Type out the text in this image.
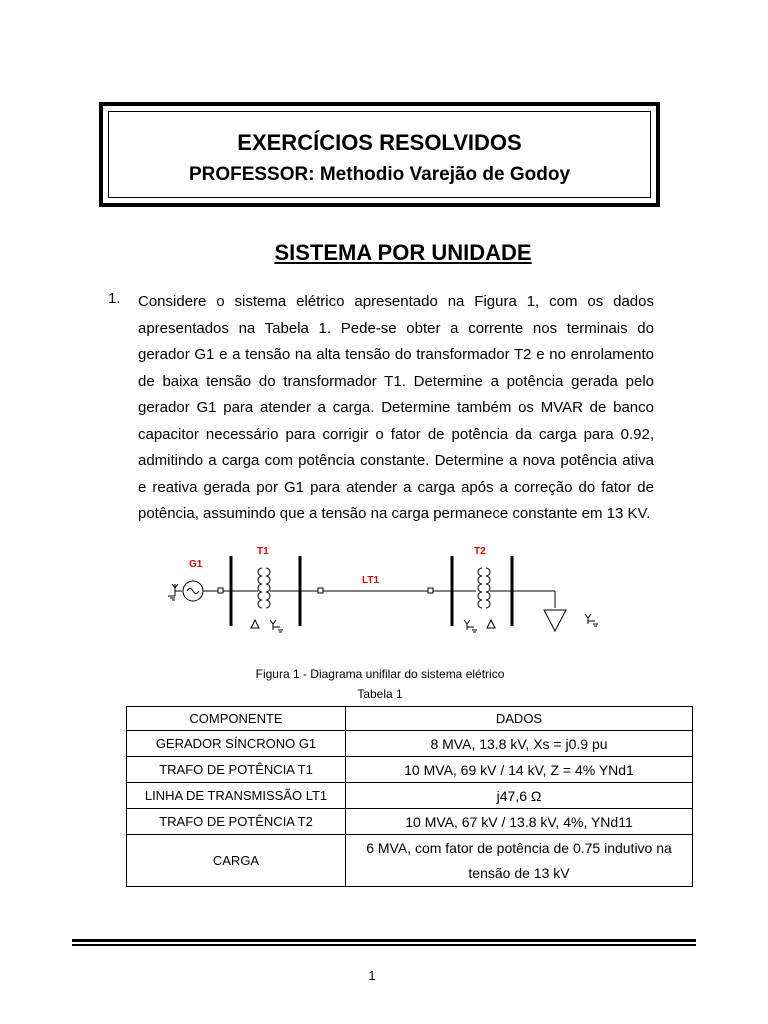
EXERCÍCIOS RESOLVIDOS
PROFESSOR: Methodio Varejão de Godoy
SISTEMA POR UNIDADE
1. Considere o sistema elétrico apresentado na Figura 1, com os dados apresentados na Tabela 1. Pede-se obter a corrente nos terminais do gerador G1 e a tensão na alta tensão do transformador T2 e no enrolamento de baixa tensão do transformador T1. Determine a potência gerada pelo gerador G1 para atender a carga. Determine também os MVAR de banco capacitor necessário para corrigir o fator de potência da carga para 0.92, admitindo a carga com potência constante. Determine a nova potência ativa e reativa gerada por G1 para atender a carga após a correção do fator de potência, assumindo que a tensão na carga permanece constante em 13 KV.
G1
T1
LT1
T2
Figura 1 - Diagrama unifilar do sistema elétrico
Tabela 1
COMPONENTE	DADOS
GERADOR SÍNCRONO G1	8 MVA, 13.8 kV, Xs = j0.9 pu
TRAFO DE POTÊNCIA T1	10 MVA, 69 kV / 14 kV, Z = 4% YNd1
LINHA DE TRANSMISSÃO LT1	j47,6 Ω
TRAFO DE POTÊNCIA T2	10 MVA, 67 kV / 13.8 kV, 4%, YNd11
CARGA	6 MVA, com fator de potência de 0.75 indutivo na tensão de 13 kV
1
